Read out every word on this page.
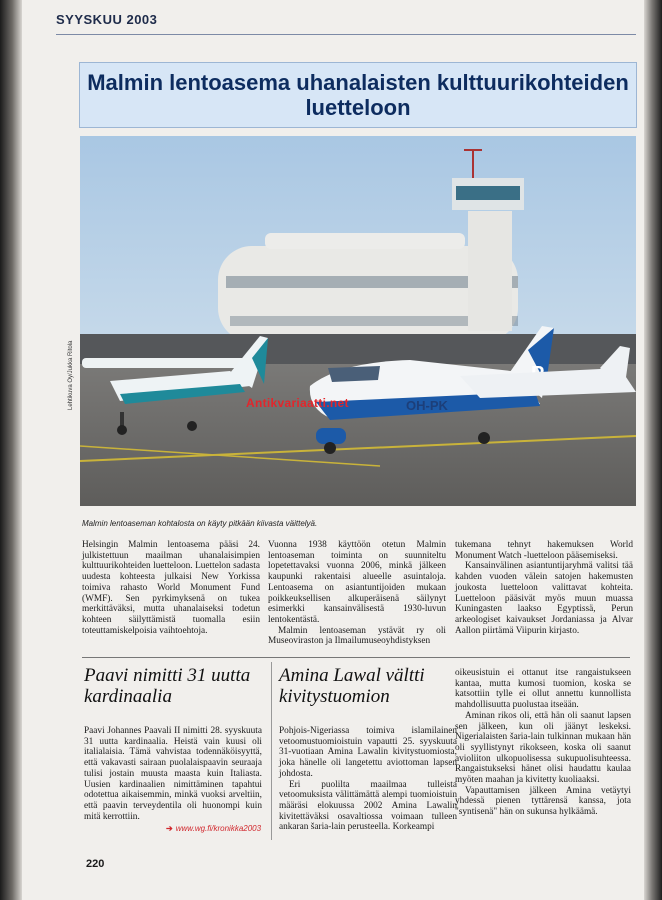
SYYSKUU 2003
Malmin lentoasema uhanalaisten kulttuurikohteiden luetteloon
OH-PK
Lehtikuva Oy/Jukka Ritola	Antikvariaatti.net
Malmin lentoaseman kohtalosta on käyty pitkään kiivasta väittelyä.

Helsingin Malmin lentoasema pääsi 24. julkistettuun maailman uhanalaisimpien kulttuurikohteiden luetteloon. Luettelon sadasta uudesta kohteesta julkaisi New Yorkissa toimiva rahasto World Monument Fund (WMF). Sen pyrkimyksenä on tukea merkittäväksi, mutta uhanalaiseksi todetun kohteen säilyttämistä tuomalla esiin toteuttamiskelpoisia vaihtoehtoja.

Vuonna 1938 käyttöön otetun Malmin lentoaseman toiminta on suunniteltu lopetettavaksi vuonna 2006, minkä jälkeen kaupunki rakentaisi alueelle asuintaloja. Lentoasema on asiantuntijoiden mukaan poikkeuksellisen alkuperäisenä säilynyt esimerkki kansainvälisestä 1930-luvun lentokentästä.

Malmin lentoaseman ystävät ry oli Museoviraston ja Ilmailumuseoyhdistyksen

tukemana tehnyt hakemuksen World Monument Watch -luetteloon pääsemiseksi.

Kansainvälinen asiantuntijaryhmä valitsi tää kahden vuoden välein satojen hakemusten joukosta luetteloon valittavat kohteita. Luetteloon pääsivät myös muun muassa Kuningasten laakso Egyptissä, Perun arkeologiset kaivaukset Jordaniassa ja Alvar Aallon piirtämä Viipurin kirjasto.

Paavi nimitti 31 uutta kardinaalia

Paavi Johannes Paavali II nimitti 28. syyskuuta 31 uutta kardinaalia. Heistä vain kuusi oli italialaisia. Tämä vahvistaa todennäköisyyttä, että vakavasti sairaan puolalaispaavin seuraaja tulisi jostain muusta maasta kuin Italiasta. Uusien kardinaalien nimittäminen tapahtui odotettua aikaisemmin, minkä vuoksi arveltiin, että paavin terveydentila oli huonompi kuin mitä kerrottiin.

➔ www.wg.fi/kronikka2003
Amina Lawal vältti kivitystuomion

Pohjois-Nigeriassa toimiva islamilainen vetoomustuomioistuin vapautti 25. syyskuuta 31-vuotiaan Amina Lawalin kivitystuomiosta, joka hänelle oli langetettu aviottoman lapsen johdosta.

Eri puolilta maailmaa tulleista vetoomuksista välittämättä alempi tuomioistuin määräsi elokuussa 2002 Amina Lawalin kivitettäväksi osavaltiossa voimaan tulleen ankaran šaria-lain perusteella. Korkeampi

oikeusistuin ei ottanut itse rangaistukseen kantaa, mutta kumosi tuomion, koska se katsottiin tylle ei ollut annettu kunnollista mahdollisuutta puolustaa itseään.

Aminan rikos oli, että hän oli saanut lapsen sen jälkeen, kun oli jäänyt leskeksi. Nigerialaisten šaria-lain tulkinnan mukaan hän oli syyllistynyt rikokseen, koska oli saanut avioliiton ulkopuolisessa sukupuolisuhteessa. Rangaistukseksi hänet olisi haudattu kaulaa myöten maahan ja kivitetty kuoliaaksi.

Vapauttamisen jälkeen Amina vetäytyi yhdessä pienen tyttärensä kanssa, jota "syntisenä" hän on sukunsa hylkäämä.

220
